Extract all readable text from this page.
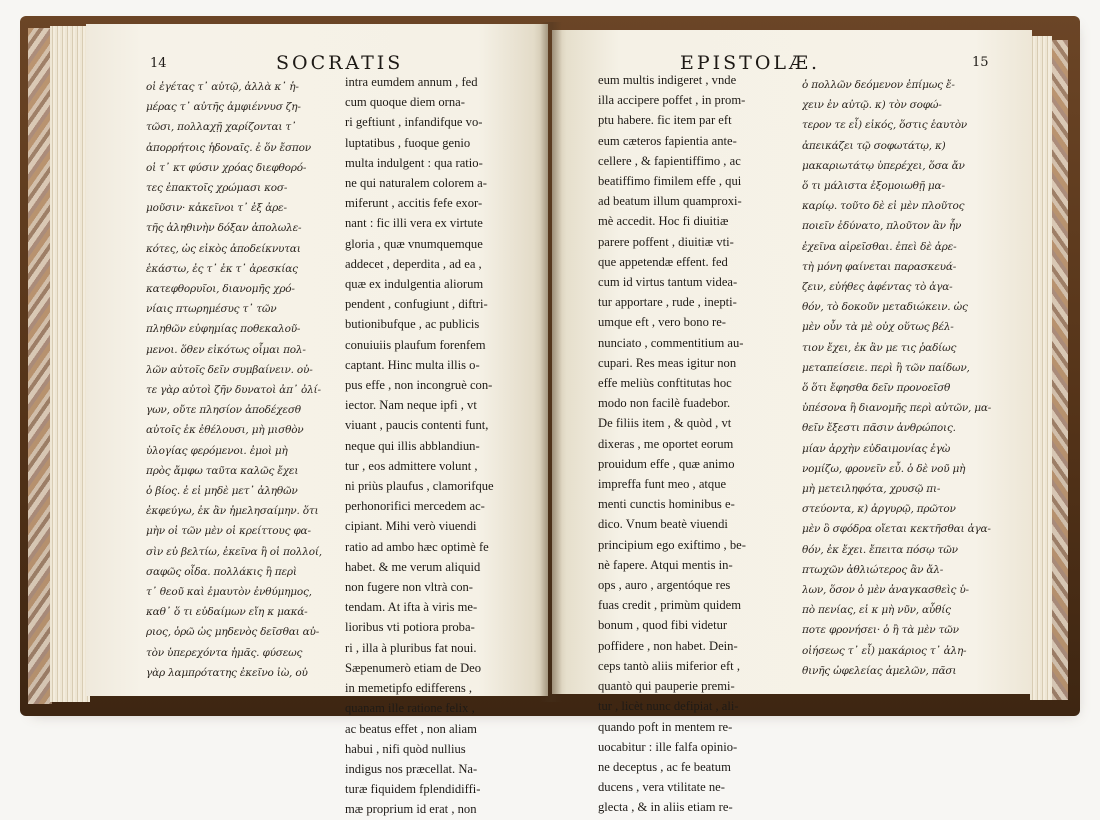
14	SOCRATIS
οἱ ἐγέτας τ᾽ αὐτῷ, ἀλλὰ κ᾽ ἡ-
μέρας τ᾽ αὐτῆς ἀμφιέννυσ ζη-
τῶσι, πολλαχῇ χαρίζονται τ᾽
ἀπορρήτοις ἡδοναῖς. ἐ ὅν ἔσπον
οἱ τ᾽ κτ φύσιν χρόας διεφθορό-
τες ἐπακτοῖς χρώμασι κοσ-
μοῦσιν· κἀκεῖνοι τ᾽ ἐξ ἀρε-
τῆς ἀληθινὴν δόξαν ἀπολωλε-
κότες, ὡς εἰκὸς ἀποδείκνυται
ἑκάστω, ἐς τ᾽ ἐκ τ᾽ ἀρεσκίας
κατεφθορυῖοι, διανομῆς χρό-
νίαις πτωρημέσυς τ᾽ τῶν
πληθῶν εὐφημίας ποθεκαλοῦ-
μενοι. ὅθεν εἰκότως οἷμαι πολ-
λῶν αὐτοῖς δεῖν συμβαίνειν. οὐ-
τε γὰρ αὐτοὶ ζῆν δυνατοὶ ἀπ᾽ ὀλί-
γων, οὔτε πλησίον ἀποδέχεσθ
αὐτοῖς ἐκ ἐθέλουσι, μὴ μισθὸν
ὑλογίας φερόμενοι. ἐμοὶ μὴ
πρὸς ἄμφω ταῦτα καλῶς ἔχει
ὁ βίος. ἐ εἰ μηδὲ μετ᾽ ἀληθῶν
ἐκφεύγω, ἐκ ἂν ἠμελησαίμην. ὅτι
μὴν οἱ τῶν μὲν οἱ κρείττους φα-
σὶν εὐ βελτίω, ἐκεῖνα ἢ οἱ πολλοί,
σαφῶς οἶδα. πολλάκις ἢ περὶ
τ᾽ θεοῦ καὶ ἐμαυτὸν ἐνθύμημος,
καθ᾽ ὅ τι εὐδαίμων εἴη κ μακά-
ριος, ὁρῶ ὡς μηδενὸς δεῖσθαι αὐ-
τὸν ὑπερεχόντα ἡμᾶς. φύσεως
γὰρ λαμπρότατης ἐκεῖνο ἰὼ, οὐ
intra eumdem annum , fed
cum quoque diem orna-
ri geftiunt , infandifque vo-
luptatibus , fuoque genio
multa indulgent : qua ratio-
ne qui naturalem colorem a-
miferunt , accitis fefe exor-
nant : fic illi vera ex virtute
gloria , quæ vnumquemque
addecet , deperdita , ad ea ,
quæ ex indulgentia aliorum
pendent , confugiunt , diftri-
butionibufque , ac publicis
conuiuiis plaufum forenfem
captant. Hinc multa illis o-
pus effe , non incongruè con-
iector. Nam neque ipfi , vt
viuant , paucis contenti funt,
neque qui illis abblandiun-
tur , eos admittere volunt ,
ni priùs plaufus , clamorifque
perhonorifici mercedem ac-
cipiant. Mihi verò viuendi
ratio ad ambo hæc optimè fe
habet. & me verum aliquid
non fugere non vltrà con-
tendam. At ifta à viris me-
lioribus vti potiora proba-
ri , illa à pluribus fat noui.
Sæpenumerò etiam de Deo
in memetipfo edifferens ,
quanam ille ratione felix ,
ac beatus effet , non aliam
habui , nifi quòd nullius
indigus nos præcellat. Na-
turæ fiquidem fplendidiffi-
mæ proprium id erat , non
EPISTOLÆ.	15
eum multis indigeret , vnde
illa accipere poffet , in prom-
ptu habere. fic item par eft
eum cæteros fapientia ante-
cellere , & fapientiffimo , ac
beatiffimo fimilem effe , qui
ad beatum illum quamproxi-
mè accedit. Hoc fi diuitiæ
parere poffent , diuitiæ vti-
que appetendæ effent. fed
cum id virtus tantum videa-
tur apportare , rude , inepti-
umque eft , vero bono re-
nunciato , commentitium au-
cupari. Res meas igitur non
effe meliùs conftitutas hoc
modo non facilè fuadebor.
De filiis item , & quòd , vt
dixeras , me oportet eorum
prouidum effe , quæ animo
impreffa funt meo , atque
menti cunctis hominibus e-
dico. Vnum beatè viuendi
principium ego exiftimo , be-
nè fapere. Atqui mentis in-
ops , auro , argentóque res
fuas credit , primùm quidem
bonum , quod fibi videtur
poffidere , non habet. Dein-
ceps tantò aliis miferior eft ,
quantò qui pauperie premi-
tur , licèt nunc defipiat , ali-
quando poft in mentem re-
uocabitur : ille falfa opinio-
ne deceptus , ac fe beatum
ducens , vera vtilitate ne-
glecta , & in aliis etiam re-
ὁ πολλῶν δεόμενον ἐπίμως ἔ-
χειν ἐν αὐτῷ. κ) τὸν σοφώ-
τερον τε εἶ) εἰκός, ὅστις ἑαυτὸν
ἀπεικάζει τῷ σοφωτάτῳ, κ)
μακαριωτάτῳ ὑπερέχει, ὅσα ἄν
ὅ τι μάλιστα ἐξομοιωθῇ μα-
καρίῳ. τοῦτο δὲ εἰ μὲν πλοῦτος
ποιεῖν ἐδύνατο, πλοῦτον ἂν ἦν
ἐχεῖνα αἱρεῖσθαι. ἐπεὶ δὲ ἀρε-
τὴ μόνη φαίνεται παρασκευά-
ζειν, εὐήθες ἀφέντας τὸ ἀγα-
θόν, τὸ δοκοῦν μεταδιώκειν. ὡς
μὲν οὖν τὰ μὲ οὐχ οὕτως βέλ-
τιον ἔχει, ἐκ ἂν με τις ῥαδίως
μεταπείσειε. περὶ ἢ τῶν παίδων,
ὅ ὅτι ἔφησθα δεῖν προνοεῖσθ
ὑπέσονα ἢ διανομῆς περὶ αὐτῶν, μα-
θεῖν ἔξεστι πᾶσιν ἀνθρώποις.
μίαν ἀρχὴν εὐδαιμονίας ἐγὼ
νομίζω, φρονεῖν εὖ. ὁ δὲ νοῦ μὴ
μὴ μετειληφότα, χρυσῷ πι-
στεύοντα, κ) ἀργυρῷ, πρῶτον
μὲν ὃ σφόδρα οἴεται κεκτῆσθαι ἀγα-
θόν, ἐκ ἔχει. ἔπειτα πόσῳ τῶν
πτωχῶν ἀθλιώτερος ἂν ἄλ-
λων, ὅσον ὁ μὲν ἀναγκασθεὶς ὑ-
πὸ πενίας, εἰ κ μὴ νῦν, αὖθίς
ποτε φρονήσει· ὁ ἢ τὰ μὲν τῶν
οἰήσεως τ᾽ εἶ) μακάριος τ᾽ ἀλη-
θινῆς ὠφελείας ἀμελῶν, πᾶσι
